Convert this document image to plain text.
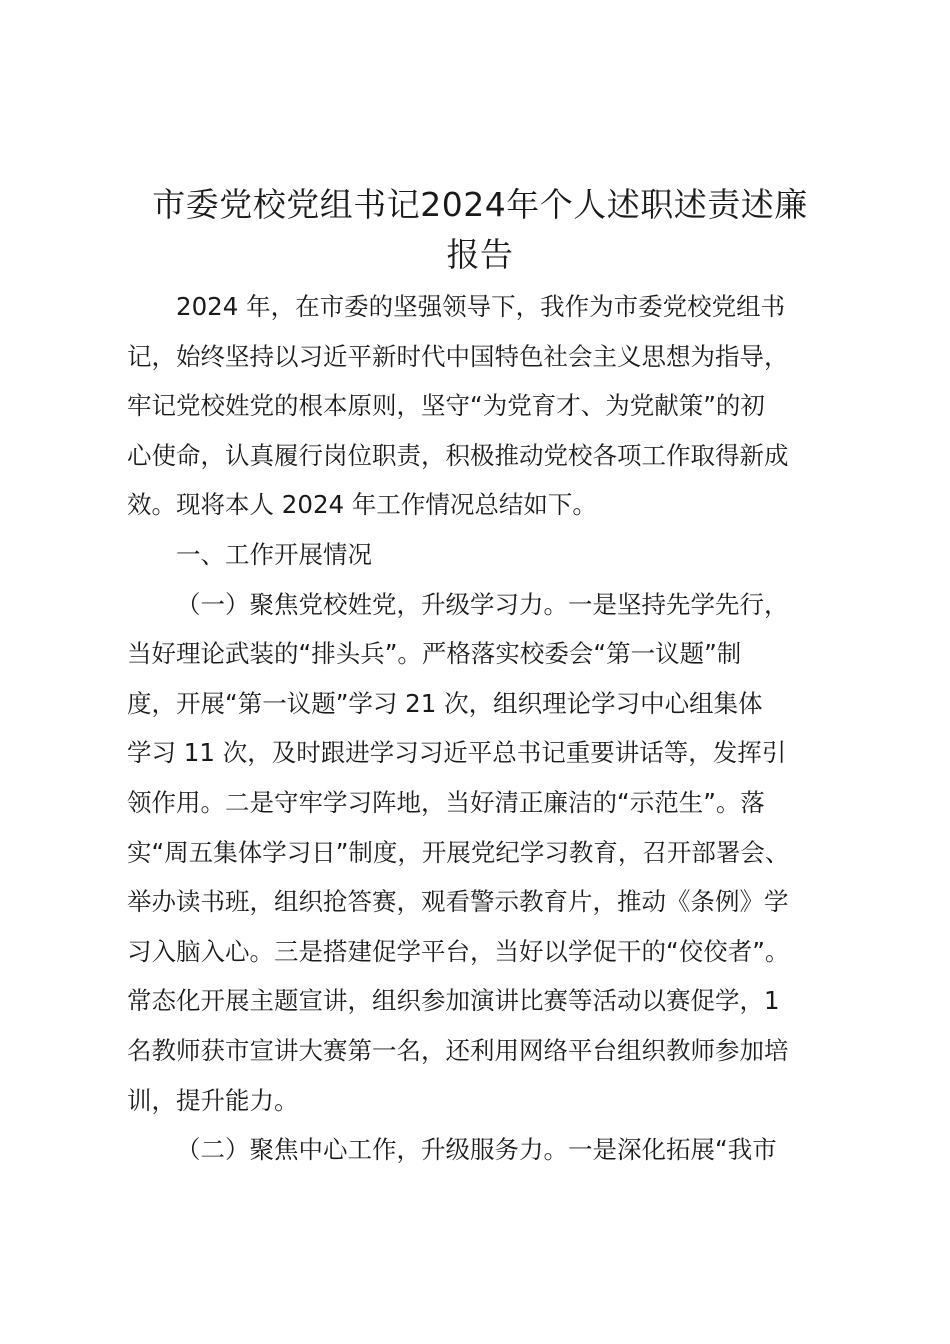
市委党校党组书记2024年个人述职述责述廉
报告
2024 年，在市委的坚强领导下，我作为市委党校党组书
记，始终坚持以习近平新时代中国特色社会主义思想为指导，
牢记党校姓党的根本原则，坚守“为党育才、为党献策”的初
心使命，认真履行岗位职责，积极推动党校各项工作取得新成
效。现将本人 2024 年工作情况总结如下。
一、工作开展情况
（一）聚焦党校姓党，升级学习力。一是坚持先学先行，
当好理论武装的“排头兵”。严格落实校委会“第一议题”制
度，开展“第一议题”学习 21 次，组织理论学习中心组集体
学习 11 次，及时跟进学习习近平总书记重要讲话等，发挥引
领作用。二是守牢学习阵地，当好清正廉洁的“示范生”。落
实“周五集体学习日”制度，开展党纪学习教育，召开部署会、
举办读书班，组织抢答赛，观看警示教育片，推动《条例》学
习入脑入心。三是搭建促学平台，当好以学促干的“佼佼者”。
常态化开展主题宣讲，组织参加演讲比赛等活动以赛促学，1
名教师获市宣讲大赛第一名，还利用网络平台组织教师参加培
训，提升能力。
（二）聚焦中心工作，升级服务力。一是深化拓展“我市
